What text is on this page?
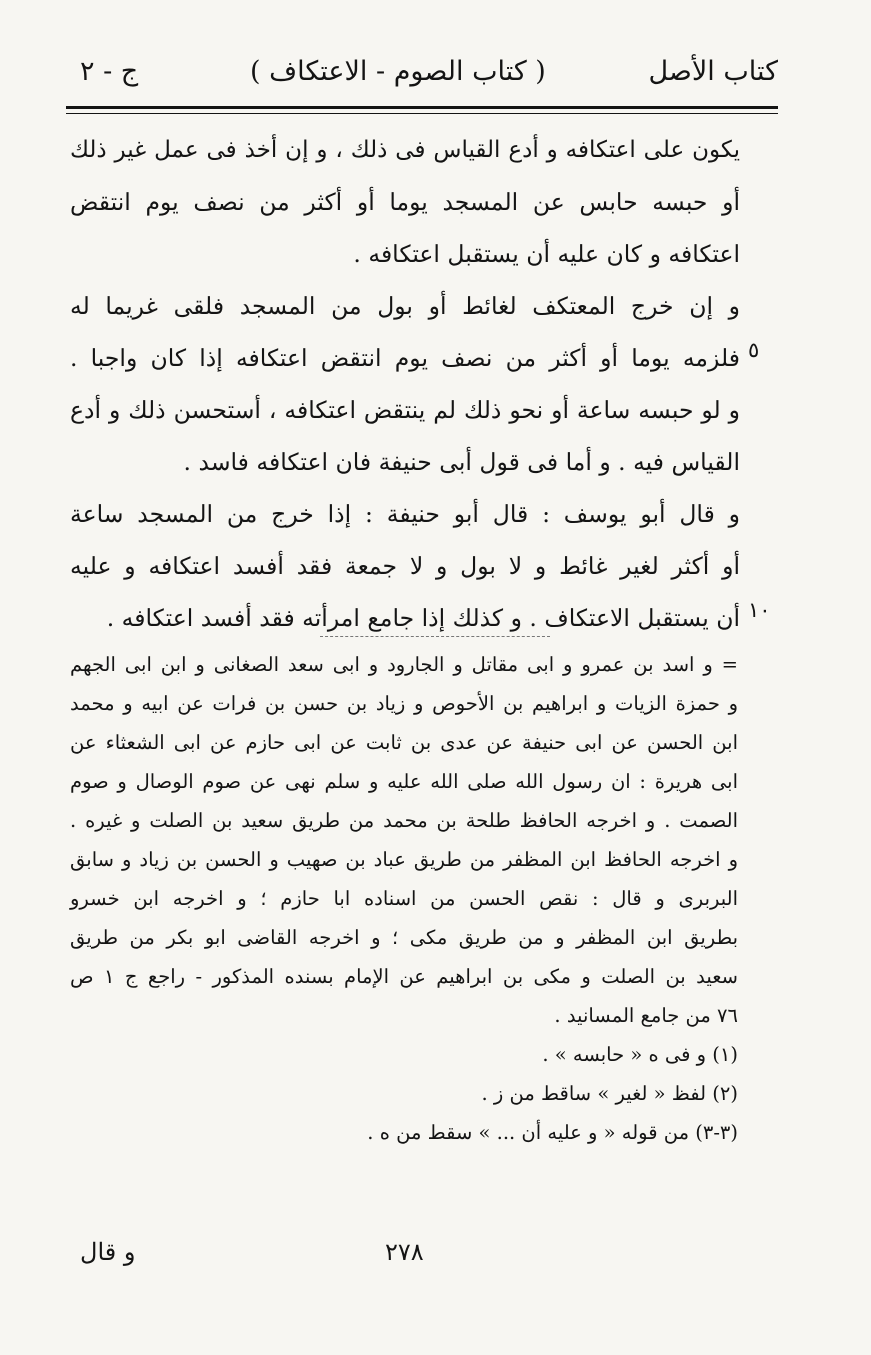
كتاب الأصل
( كتاب الصوم - الاعتكاف )
ج - ٢
يكون على اعتكافه و أدع القياس فى ذلك ، و إن أخذ فى عمل غير ذلك
أو حبسه حابس عن المسجد يوما أو أكثر من نصف يوم انتقض
اعتكافه و كان عليه أن يستقبل اعتكافه .
و إن خرج المعتكف لغائط أو بول من المسجد فلقى غريما له
فلزمه يوما أو أكثر من نصف يوم انتقض اعتكافه إذا كان واجبا .
و لو حبسه ساعة أو نحو ذلك لم ينتقض اعتكافه ، أستحسن ذلك و أدع
القياس فيه . و أما فى قول أبى حنيفة فان اعتكافه فاسد .
و قال أبو يوسف : قال أبو حنيفة : إذا خرج من المسجد ساعة
أو أكثر لغير غائط و لا بول و لا جمعة فقد أفسد اعتكافه و عليه
أن يستقبل الاعتكاف . و كذلك إذا جامع امرأته فقد أفسد اعتكافه .
٥
١٠
= و اسد بن عمرو و ابى مقاتل و الجارود و ابى سعد الصغانى و ابن ابى الجهم
و حمزة الزيات و ابراهيم بن الأحوص و زياد بن حسن بن فرات عن ابيه و محمد
ابن الحسن عن ابى حنيفة عن عدى بن ثابت عن ابى حازم عن ابى الشعثاء عن
ابى هريرة : ان رسول الله صلى الله عليه و سلم نهى عن صوم الوصال و صوم
الصمت . و اخرجه الحافظ طلحة بن محمد من طريق سعيد بن الصلت و غيره .
و اخرجه الحافظ ابن المظفر من طريق عباد بن صهيب و الحسن بن زياد و سابق
البربرى و قال : نقص الحسن من اسناده ابا حازم ؛ و اخرجه ابن خسرو
بطريق ابن المظفر و من طريق مكى ؛ و اخرجه القاضى ابو بكر من طريق
سعيد بن الصلت و مكى بن ابراهيم عن الإمام بسنده المذكور - راجع ج ١ ص
٧٦ من جامع المسانيد .
(١) و فى ه « حابسه » .
(٢) لفظ « لغير » ساقط من ز .
(٣-٣) من قوله « و عليه أن ... » سقط من ه .
٢٧٨
و قال
